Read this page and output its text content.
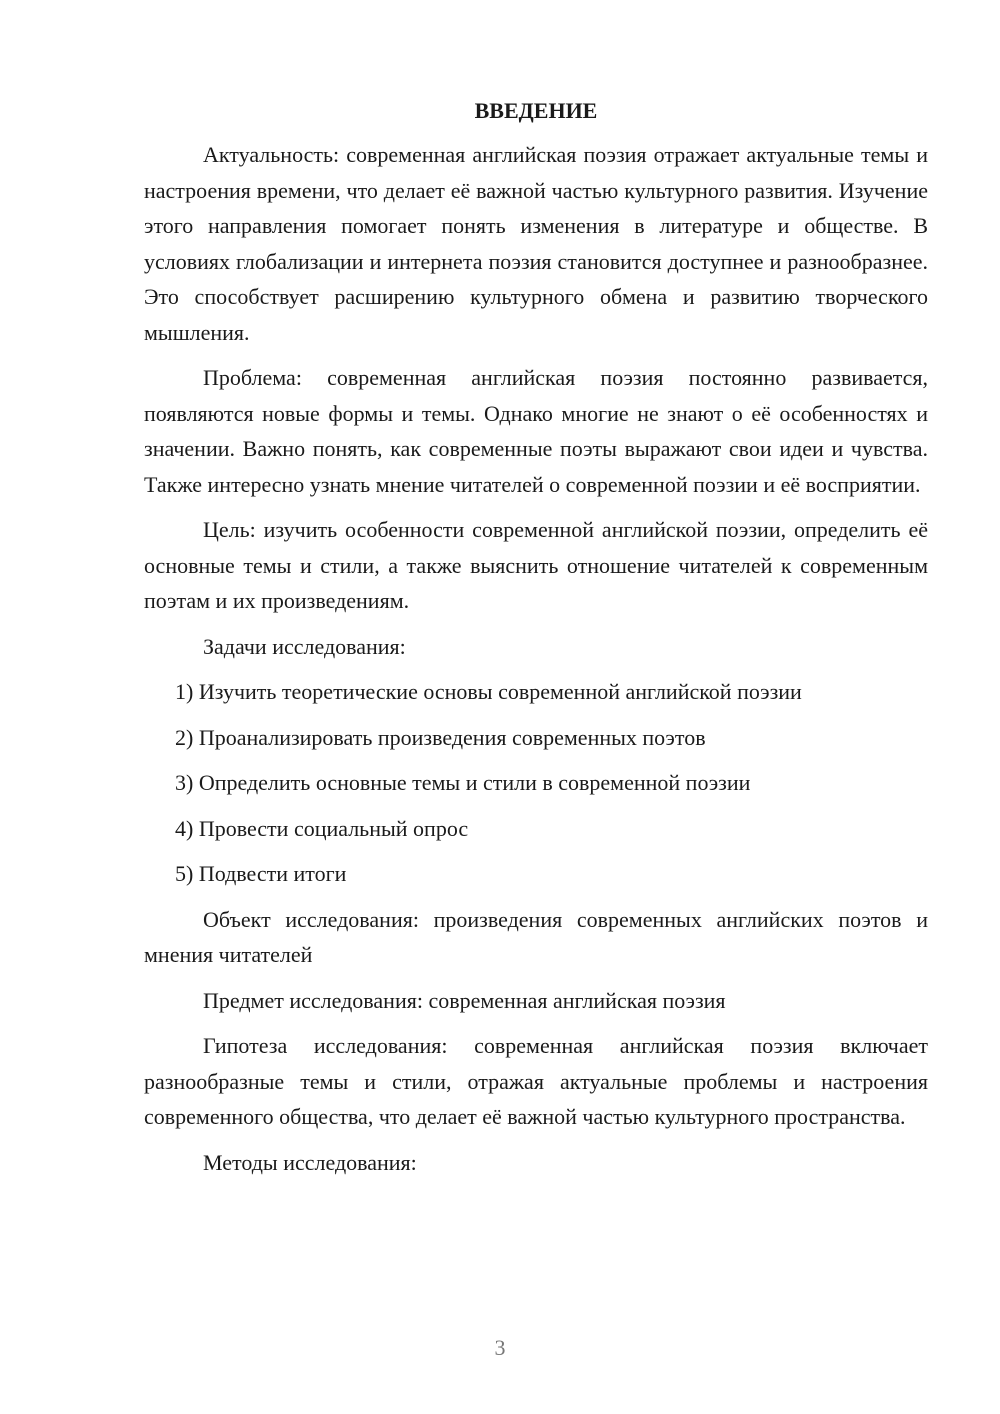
ВВЕДЕНИЕ

Актуальность: современная английская поэзия отражает актуальные темы и настроения времени, что делает её важной частью культурного развития. Изучение этого направления помогает понять изменения в литературе и обществе. В условиях глобализации и интернета поэзия становится доступнее и разнообразнее. Это способствует расширению культурного обмена и развитию творческого мышления.

Проблема: современная английская поэзия постоянно развивается, появляются новые формы и темы. Однако многие не знают о её особенностях и значении. Важно понять, как современные поэты выражают свои идеи и чувства. Также интересно узнать мнение читателей о современной поэзии и её восприятии.

Цель: изучить особенности современной английской поэзии, определить её основные темы и стили, а также выяснить отношение читателей к современным поэтам и их произведениям.

Задачи исследования:

1) Изучить теоретические основы современной английской поэзии
2) Проанализировать произведения современных поэтов
3) Определить основные темы и стили в современной поэзии
4) Провести социальный опрос
5) Подвести итоги

Объект исследования: произведения современных английских поэтов и мнения читателей

Предмет исследования: современная английская поэзия

Гипотеза исследования: современная английская поэзия включает разнообразные темы и стили, отражая актуальные проблемы и настроения современного общества, что делает её важной частью культурного пространства.

Методы исследования:

3
